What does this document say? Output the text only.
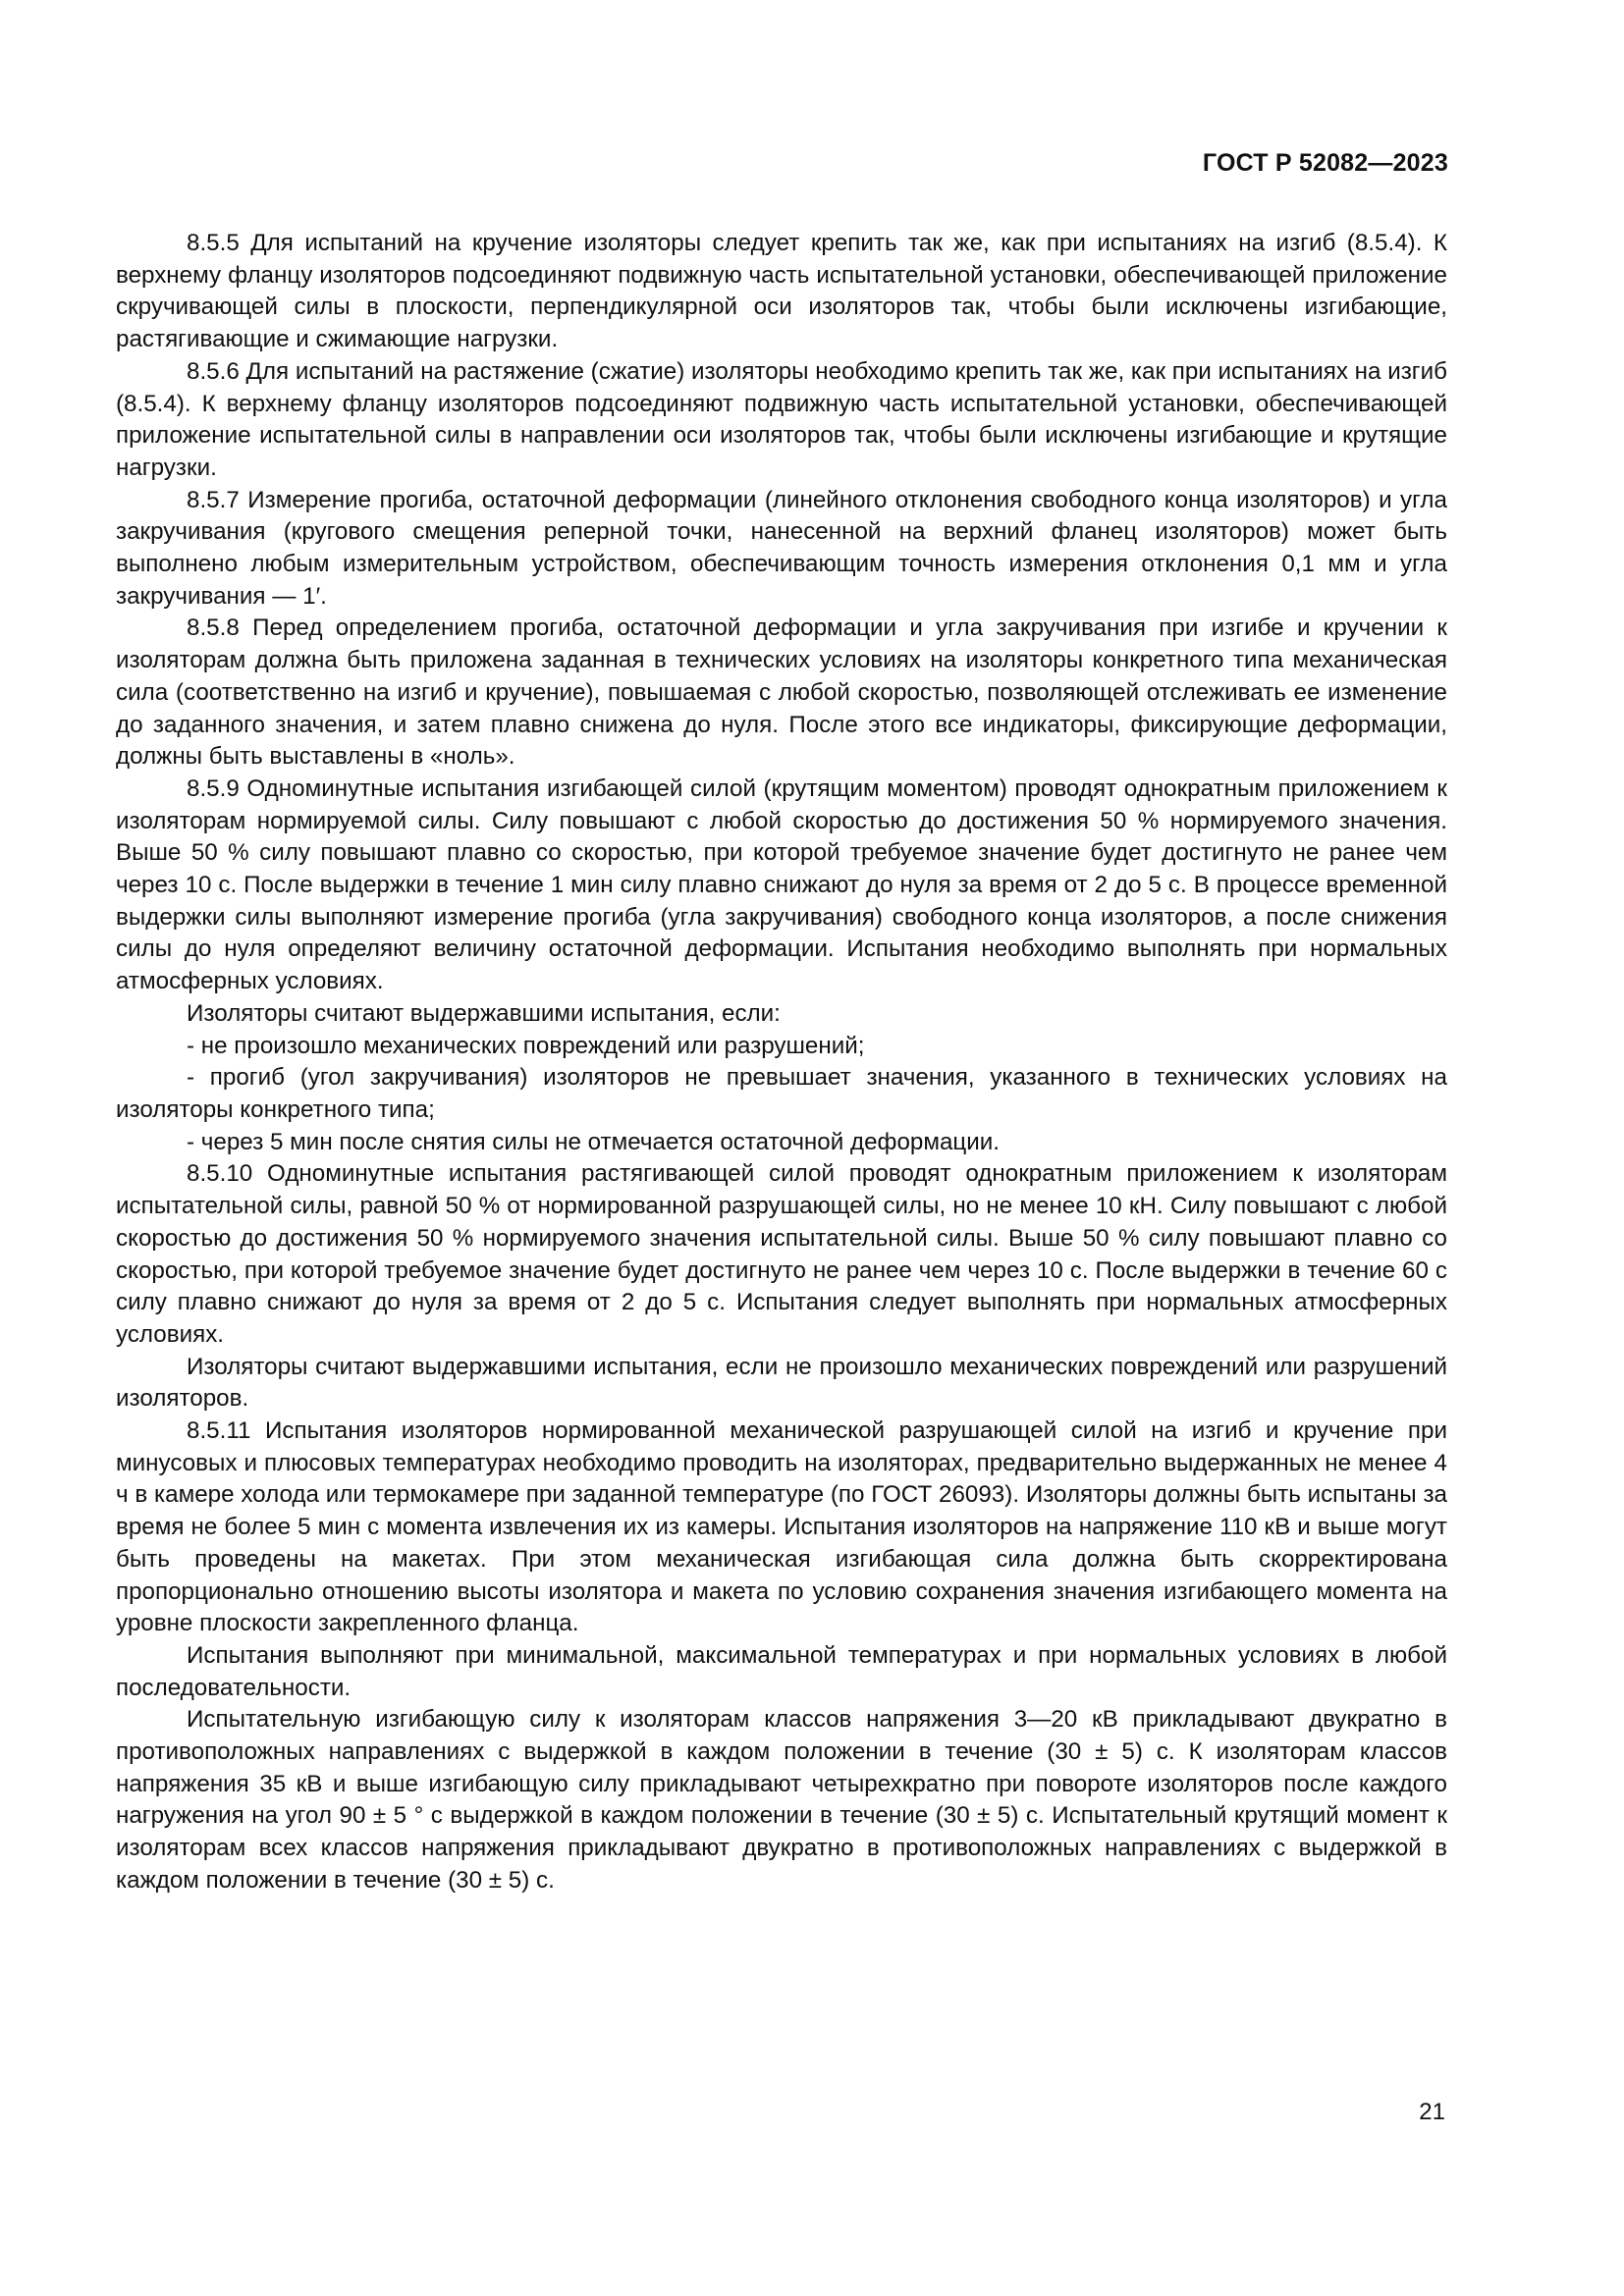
ГОСТ Р 52082—2023

8.5.5 Для испытаний на кручение изоляторы следует крепить так же, как при испытаниях на изгиб (8.5.4). К верхнему фланцу изоляторов подсоединяют подвижную часть испытательной установки, обеспечивающей приложение скручивающей силы в плоскости, перпендикулярной оси изоляторов так, чтобы были исключены изгибающие, растягивающие и сжимающие нагрузки.

8.5.6 Для испытаний на растяжение (сжатие) изоляторы необходимо крепить так же, как при испытаниях на изгиб (8.5.4). К верхнему фланцу изоляторов подсоединяют подвижную часть испытательной установки, обеспечивающей приложение испытательной силы в направлении оси изоляторов так, чтобы были исключены изгибающие и крутящие нагрузки.

8.5.7 Измерение прогиба, остаточной деформации (линейного отклонения свободного конца изоляторов) и угла закручивания (кругового смещения реперной точки, нанесенной на верхний фланец изоляторов) может быть выполнено любым измерительным устройством, обеспечивающим точность измерения отклонения 0,1 мм и угла закручивания — 1′.

8.5.8 Перед определением прогиба, остаточной деформации и угла закручивания при изгибе и кручении к изоляторам должна быть приложена заданная в технических условиях на изоляторы конкретного типа механическая сила (соответственно на изгиб и кручение), повышаемая с любой скоростью, позволяющей отслеживать ее изменение до заданного значения, и затем плавно снижена до нуля. После этого все индикаторы, фиксирующие деформации, должны быть выставлены в «ноль».

8.5.9 Одноминутные испытания изгибающей силой (крутящим моментом) проводят однократным приложением к изоляторам нормируемой силы. Силу повышают с любой скоростью до достижения 50 % нормируемого значения. Выше 50 % силу повышают плавно со скоростью, при которой требуемое значение будет достигнуто не ранее чем через 10 с. После выдержки в течение 1 мин силу плавно снижают до нуля за время от 2 до 5 с. В процессе временной выдержки силы выполняют измерение прогиба (угла закручивания) свободного конца изоляторов, а после снижения силы до нуля определяют величину остаточной деформации. Испытания необходимо выполнять при нормальных атмосферных условиях.

Изоляторы считают выдержавшими испытания, если:

- не произошло механических повреждений или разрушений;

- прогиб (угол закручивания) изоляторов не превышает значения, указанного в технических условиях на изоляторы конкретного типа;

- через 5 мин после снятия силы не отмечается остаточной деформации.

8.5.10 Одноминутные испытания растягивающей силой проводят однократным приложением к изоляторам испытательной силы, равной 50 % от нормированной разрушающей силы, но не менее 10 кН. Силу повышают с любой скоростью до достижения 50 % нормируемого значения испытательной силы. Выше 50 % силу повышают плавно со скоростью, при которой требуемое значение будет достигнуто не ранее чем через 10 с. После выдержки в течение 60 с силу плавно снижают до нуля за время от 2 до 5 с. Испытания следует выполнять при нормальных атмосферных условиях.

Изоляторы считают выдержавшими испытания, если не произошло механических повреждений или разрушений изоляторов.

8.5.11 Испытания изоляторов нормированной механической разрушающей силой на изгиб и кручение при минусовых и плюсовых температурах необходимо проводить на изоляторах, предварительно выдержанных не менее 4 ч в камере холода или термокамере при заданной температуре (по ГОСТ 26093). Изоляторы должны быть испытаны за время не более 5 мин с момента извлечения их из камеры. Испытания изоляторов на напряжение 110 кВ и выше могут быть проведены на макетах. При этом механическая изгибающая сила должна быть скорректирована пропорционально отношению высоты изолятора и макета по условию сохранения значения изгибающего момента на уровне плоскости закрепленного фланца.

Испытания выполняют при минимальной, максимальной температурах и при нормальных условиях в любой последовательности.

Испытательную изгибающую силу к изоляторам классов напряжения 3—20 кВ прикладывают двукратно в противоположных направлениях с выдержкой в каждом положении в течение (30 ± 5) с. К изоляторам классов напряжения 35 кВ и выше изгибающую силу прикладывают четырехкратно при повороте изоляторов после каждого нагружения на угол 90 ± 5 ° с выдержкой в каждом положении в течение (30 ± 5) с. Испытательный крутящий момент к изоляторам всех классов напряжения прикладывают двукратно в противоположных направлениях с выдержкой в каждом положении в течение (30 ± 5) с.

21
